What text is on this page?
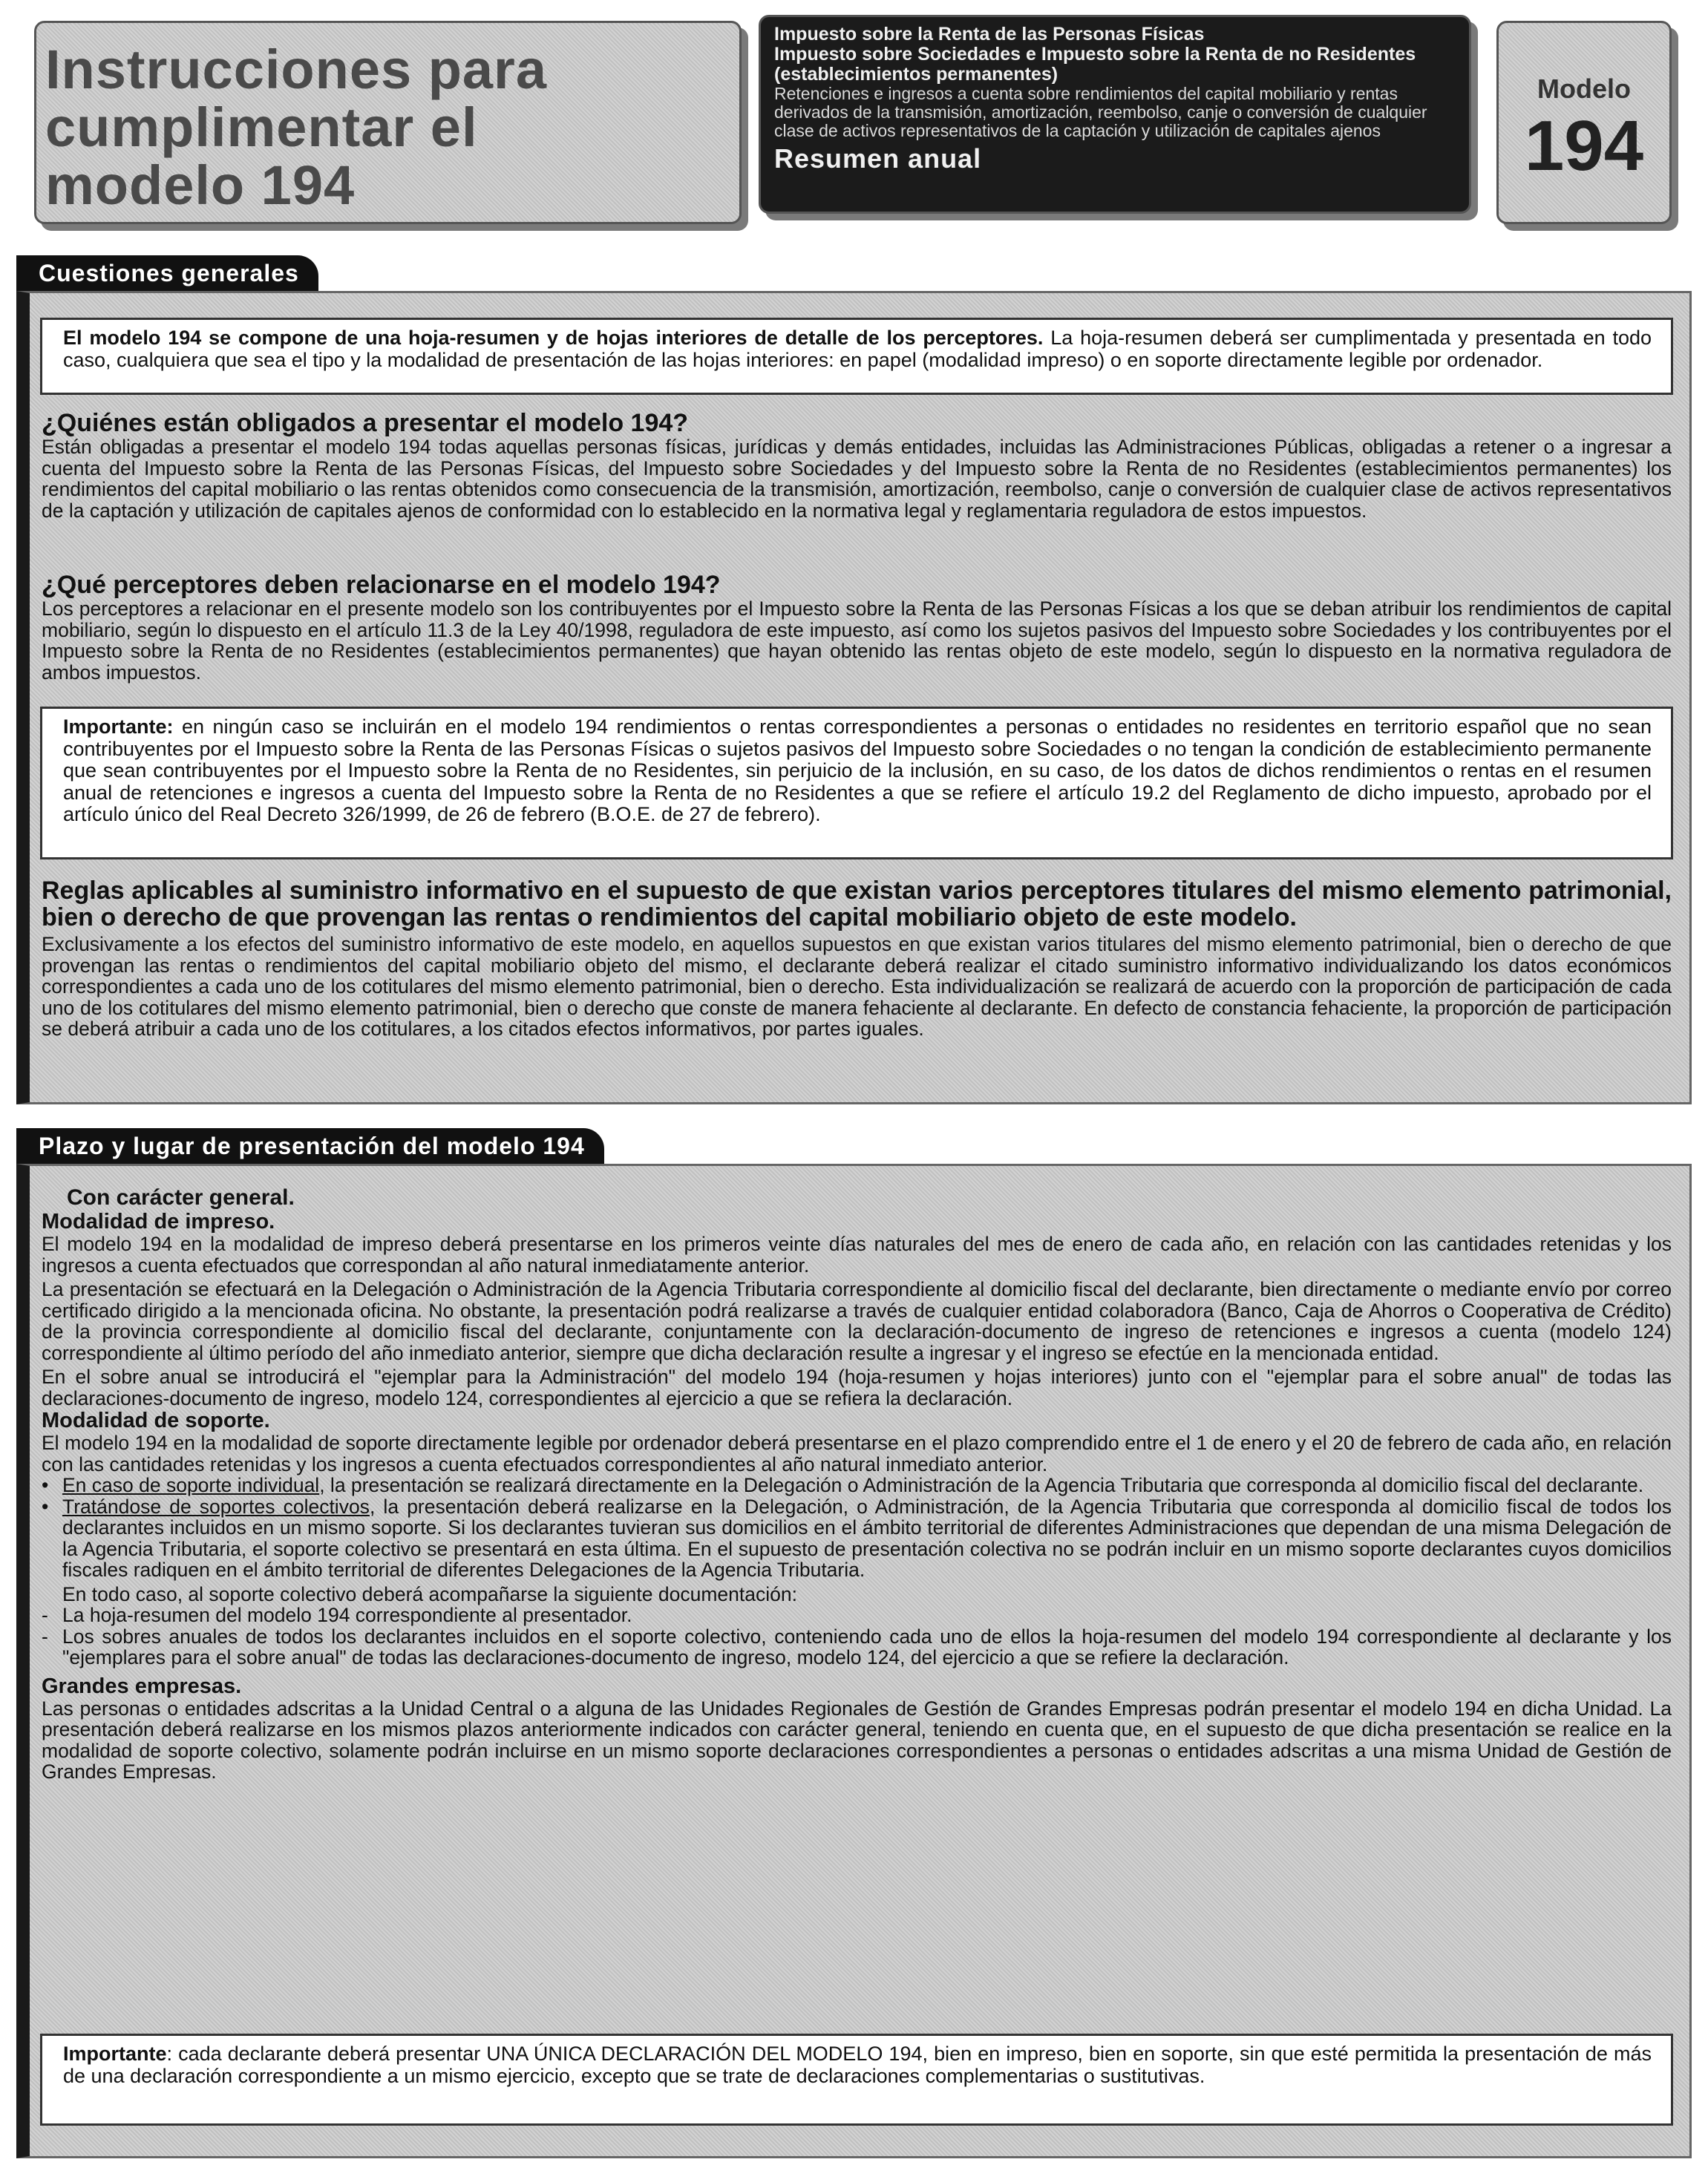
Instrucciones para
cumplimentar el
modelo 194
Impuesto sobre la Renta de las Personas Físicas
Impuesto sobre Sociedades e Impuesto sobre la Renta de no Residentes (establecimientos permanentes)
Retenciones e ingresos a cuenta sobre rendimientos del capital mobiliario y rentas derivados de la transmisión, amortización, reembolso, canje o conversión de cualquier clase de activos representativos de la captación y utilización de capitales ajenos
Resumen anual
Modelo
194
Cuestiones generales
El modelo 194 se compone de una hoja-resumen y de hojas interiores de detalle de los perceptores. La hoja-resumen deberá ser cumplimentada y presentada en todo caso, cualquiera que sea el tipo y la modalidad de presentación de las hojas interiores: en papel (modalidad impreso) o en soporte directamente legible por ordenador.
¿Quiénes están obligados a presentar el modelo 194?

Están obligadas a presentar el modelo 194 todas aquellas personas físicas, jurídicas y demás entidades, incluidas las Administraciones Públicas, obligadas a retener o a ingresar a cuenta del Impuesto sobre la Renta de las Personas Físicas, del Impuesto sobre Sociedades y del Impuesto sobre la Renta de no Residentes (establecimientos permanentes) los rendimientos del capital mobiliario o las rentas obtenidos como consecuencia de la transmisión, amortización, reembolso, canje o conversión de cualquier clase de activos representativos de la captación y utilización de capitales ajenos de conformidad con lo establecido en la normativa legal y reglamentaria reguladora de estos impuestos.

¿Qué perceptores deben relacionarse en el modelo 194?

Los perceptores a relacionar en el presente modelo son los contribuyentes por el Impuesto sobre la Renta de las Personas Físicas a los que se deban atribuir los rendimientos de capital mobiliario, según lo dispuesto en el artículo 11.3 de la Ley 40/1998, reguladora de este impuesto, así como los sujetos pasivos del Impuesto sobre Sociedades y los contribuyentes por el Impuesto sobre la Renta de no Residentes (establecimientos permanentes) que hayan obtenido las rentas objeto de este modelo, según lo dispuesto en la normativa reguladora de ambos impuestos.

Importante: en ningún caso se incluirán en el modelo 194 rendimientos o rentas correspondientes a personas o entidades no residentes en territorio español que no sean contribuyentes por el Impuesto sobre la Renta de las Personas Físicas o sujetos pasivos del Impuesto sobre Sociedades o no tengan la condición de establecimiento permanente que sean contribuyentes por el Impuesto sobre la Renta de no Residentes, sin perjuicio de la inclusión, en su caso, de los datos de dichos rendimientos o rentas en el resumen anual de retenciones e ingresos a cuenta del Impuesto sobre la Renta de no Residentes a que se refiere el artículo 19.2 del Reglamento de dicho impuesto, aprobado por el artículo único del Real Decreto 326/1999, de 26 de febrero (B.O.E. de 27 de febrero).
Reglas aplicables al suministro informativo en el supuesto de que existan varios perceptores titulares del mismo elemento patrimonial, bien o derecho de que provengan las rentas o rendimientos del capital mobiliario objeto de este modelo.

Exclusivamente a los efectos del suministro informativo de este modelo, en aquellos supuestos en que existan varios titulares del mismo elemento patrimonial, bien o derecho de que provengan las rentas o rendimientos del capital mobiliario objeto del mismo, el declarante deberá realizar el citado suministro informativo individualizando los datos económicos correspondientes a cada uno de los cotitulares del mismo elemento patrimonial, bien o derecho. Esta individualización se realizará de acuerdo con la proporción de participación de cada uno de los cotitulares del mismo elemento patrimonial, bien o derecho que conste de manera fehaciente al declarante. En defecto de constancia fehaciente, la proporción de participación se deberá atribuir a cada uno de los cotitulares, a los citados efectos informativos, por partes iguales.

Plazo y lugar de presentación del modelo 194
Con carácter general.
Modalidad de impreso.

El modelo 194 en la modalidad de impreso deberá presentarse en los primeros veinte días naturales del mes de enero de cada año, en relación con las cantidades retenidas y los ingresos a cuenta efectuados que correspondan al año natural inmediatamente anterior.

La presentación se efectuará en la Delegación o Administración de la Agencia Tributaria correspondiente al domicilio fiscal del declarante, bien directamente o mediante envío por correo certificado dirigido a la mencionada oficina. No obstante, la presentación podrá realizarse a través de cualquier entidad colaboradora (Banco, Caja de Ahorros o Cooperativa de Crédito) de la provincia correspondiente al domicilio fiscal del declarante, conjuntamente con la declaración-documento de ingreso de retenciones e ingresos a cuenta (modelo 124) correspondiente al último período del año inmediato anterior, siempre que dicha declaración resulte a ingresar y el ingreso se efectúe en la mencionada entidad.

En el sobre anual se introducirá el "ejemplar para la Administración" del modelo 194 (hoja-resumen y hojas interiores) junto con el "ejemplar para el sobre anual" de todas las declaraciones-documento de ingreso, modelo 124, correspondientes al ejercicio a que se refiera la declaración.

Modalidad de soporte.

El modelo 194 en la modalidad de soporte directamente legible por ordenador deberá presentarse en el plazo comprendido entre el 1 de enero y el 20 de febrero de cada año, en relación con las cantidades retenidas y los ingresos a cuenta efectuados correspondientes al año natural inmediato anterior.

• En caso de soporte individual, la presentación se realizará directamente en la Delegación o Administración de la Agencia Tributaria que corresponda al domicilio fiscal del declarante.
• Tratándose de soportes colectivos, la presentación deberá realizarse en la Delegación, o Administración, de la Agencia Tributaria que corresponda al domicilio fiscal de todos los declarantes incluidos en un mismo soporte. Si los declarantes tuvieran sus domicilios en el ámbito territorial de diferentes Administraciones que dependan de una misma Delegación de la Agencia Tributaria, el soporte colectivo se presentará en esta última. En el supuesto de presentación colectiva no se podrán incluir en un mismo soporte declarantes cuyos domicilios fiscales radiquen en el ámbito territorial de diferentes Delegaciones de la Agencia Tributaria.

En todo caso, al soporte colectivo deberá acompañarse la siguiente documentación:

- La hoja-resumen del modelo 194 correspondiente al presentador.
- Los sobres anuales de todos los declarantes incluidos en el soporte colectivo, conteniendo cada uno de ellos la hoja-resumen del modelo 194 correspondiente al declarante y los "ejemplares para el sobre anual" de todas las declaraciones-documento de ingreso, modelo 124, del ejercicio a que se refiere la declaración.
Grandes empresas.

Las personas o entidades adscritas a la Unidad Central o a alguna de las Unidades Regionales de Gestión de Grandes Empresas podrán presentar el modelo 194 en dicha Unidad. La presentación deberá realizarse en los mismos plazos anteriormente indicados con carácter general, teniendo en cuenta que, en el supuesto de que dicha presentación se realice en la modalidad de soporte colectivo, solamente podrán incluirse en un mismo soporte declaraciones correspondientes a personas o entidades adscritas a una misma Unidad de Gestión de Grandes Empresas.

Importante: cada declarante deberá presentar UNA ÚNICA DECLARACIÓN DEL MODELO 194, bien en impreso, bien en soporte, sin que esté permitida la presentación de más de una declaración correspondiente a un mismo ejercicio, excepto que se trate de declaraciones complementarias o sustitutivas.
